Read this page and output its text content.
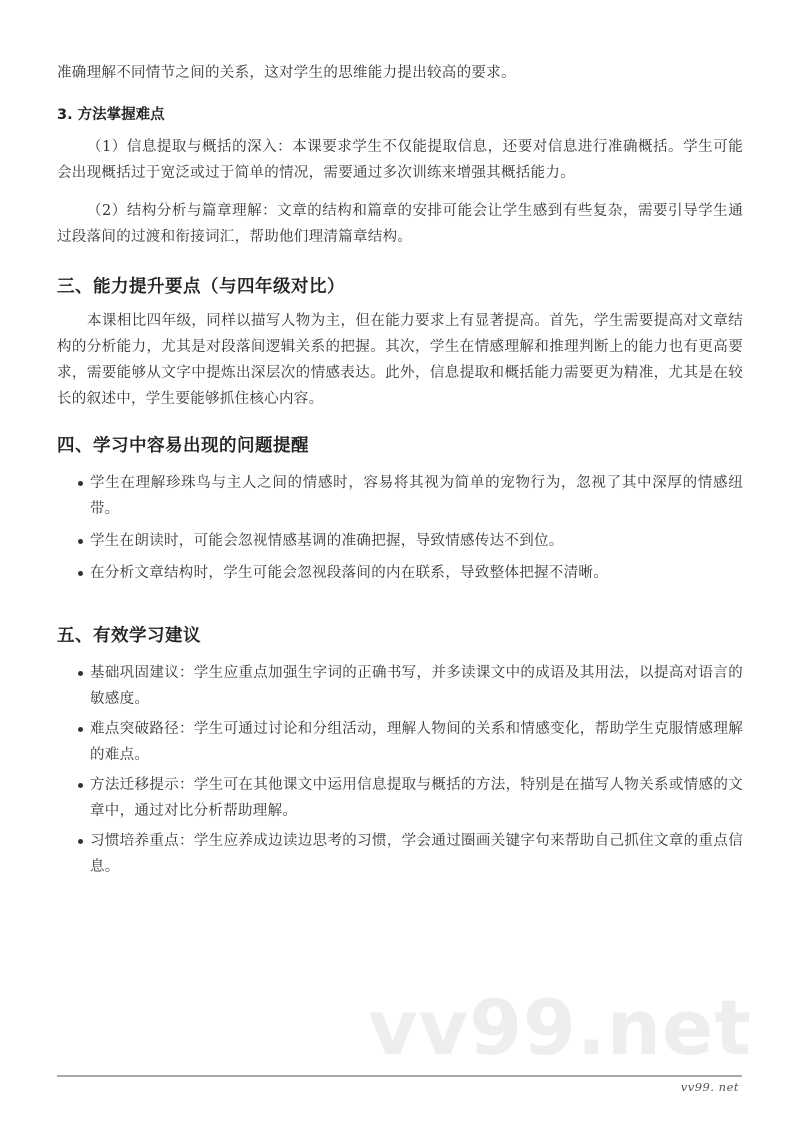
准确理解不同情节之间的关系，这对学生的思维能力提出较高的要求。

3. 方法掌握难点

（1）信息提取与概括的深入：本课要求学生不仅能提取信息，还要对信息进行准确概括。学生可能会出现概括过于宽泛或过于简单的情况，需要通过多次训练来增强其概括能力。

（2）结构分析与篇章理解：文章的结构和篇章的安排可能会让学生感到有些复杂，需要引导学生通过段落间的过渡和衔接词汇，帮助他们理清篇章结构。

三、能力提升要点（与四年级对比）

本课相比四年级，同样以描写人物为主，但在能力要求上有显著提高。首先，学生需要提高对文章结构的分析能力，尤其是对段落间逻辑关系的把握。其次，学生在情感理解和推理判断上的能力也有更高要求，需要能够从文字中提炼出深层次的情感表达。此外，信息提取和概括能力需要更为精准，尤其是在较长的叙述中，学生要能够抓住核心内容。

四、学习中容易出现的问题提醒
学生在理解珍珠鸟与主人之间的情感时，容易将其视为简单的宠物行为，忽视了其中深厚的情感纽带。
学生在朗读时，可能会忽视情感基调的准确把握，导致情感传达不到位。
在分析文章结构时，学生可能会忽视段落间的内在联系，导致整体把握不清晰。
五、有效学习建议
基础巩固建议：学生应重点加强生字词的正确书写，并多读课文中的成语及其用法，以提高对语言的敏感度。
难点突破路径：学生可通过讨论和分组活动，理解人物间的关系和情感变化，帮助学生克服情感理解的难点。
方法迁移提示：学生可在其他课文中运用信息提取与概括的方法，特别是在描写人物关系或情感的文章中，通过对比分析帮助理解。
习惯培养重点：学生应养成边读边思考的习惯，学会通过圈画关键字句来帮助自己抓住文章的重点信息。
vv99.net
vv99. net
